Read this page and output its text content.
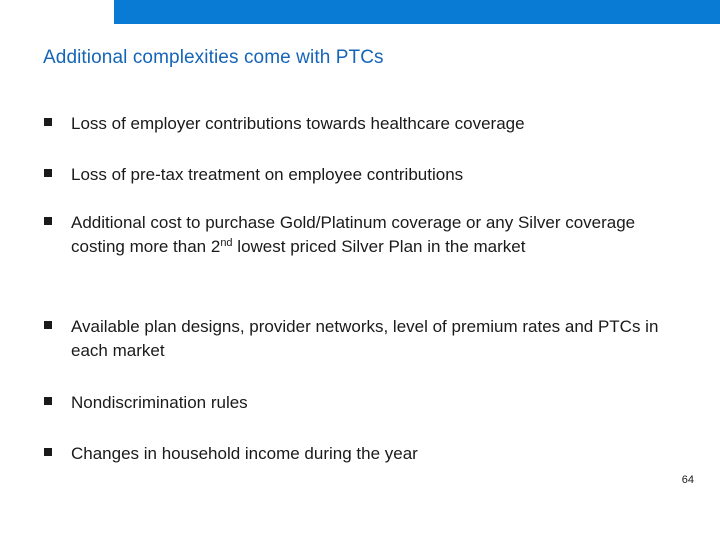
Additional complexities come with PTCs
Loss of employer contributions towards healthcare coverage
Loss of pre-tax treatment on employee contributions
Additional cost to purchase Gold/Platinum coverage or any Silver coverage costing more than 2nd lowest priced Silver Plan in the market
Available plan designs, provider networks, level of premium rates and PTCs in each market
Nondiscrimination rules
Changes in household income during the year
64
